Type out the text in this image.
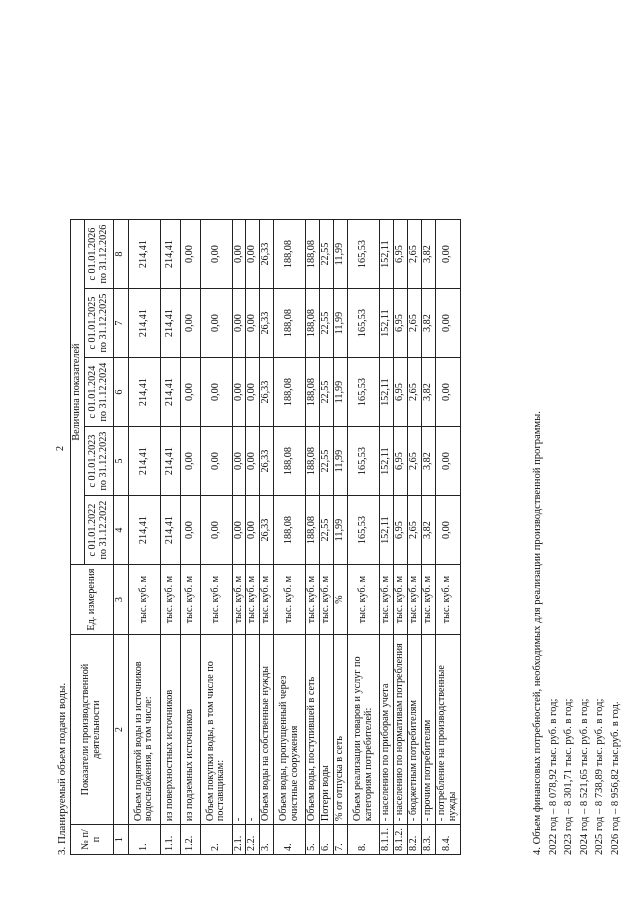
2
3. Планируемый объем подачи воды. № п/п	Показатели производственной деятельности	Ед. измерения	Величина показателей				
			с 01.01.2022 по 31.12.2022	с 01.01.2023 по 31.12.2023	с 01.01.2024 по 31.12.2024	с 01.01.2025 по 31.12.2025	с 01.01.2026 по 31.12.2026
1	2	3	4	5	6	7	8
1.	Объем поднятой воды из источников водоснабжения, в том числе:	тыс. куб. м	214,41	214,41	214,41	214,41	214,41
1.1.	из поверхностных источников	тыс. куб. м	214,41	214,41	214,41	214,41	214,41
1.2.	из подземных источников	тыс. куб. м	0,00	0,00	0,00	0,00	0,00
2.	Объем покупки воды, в том числе по поставщикам:	тыс. куб. м	0,00	0,00	0,00	0,00	0,00
2.1.	-	тыс. куб. м	0,00	0,00	0,00	0,00	0,00
2.2.	-	тыс. куб. м	0,00	0,00	0,00	0,00	0,00
3.	Объем воды на собственные нужды	тыс. куб. м	26,33	26,33	26,33	26,33	26,33
4.	Объем воды, пропущенный через очистные сооружения	тыс. куб. м	188,08	188,08	188,08	188,08	188,08
5.	Объем воды, поступившей в сеть	тыс. куб. м	188,08	188,08	188,08	188,08	188,08
6.	Потери воды	тыс. куб. м	22,55	22,55	22,55	22,55	22,55
7.	% от отпуска в сеть	%	11,99	11,99	11,99	11,99	11,99
8.	Объем реализации товаров и услуг по категориям потребителей:	тыс. куб. м	165,53	165,53	165,53	165,53	165,53
8.1.1.	- населению по приборам учета	тыс. куб. м	152,11	152,11	152,11	152,11	152,11
8.1.2.	- населению по нормативам потребления	тыс. куб. м	6,95	6,95	6,95	6,95	6,95
8.2.	- бюджетным потребителям	тыс. куб. м	2,65	2,65	2,65	2,65	2,65
8.3.	- прочим потребителям	тыс. куб. м	3,82	3,82	3,82	3,82	3,82
8.4.	- потребление на производственные нужды	тыс. куб. м	0,00	0,00	0,00	0,00	0,00
4. Объем финансовых потребностей, необходимых для реализации производственной программы. 2022 год – 8 078,92 тыс. руб. в год; 2023 год – 8 301,71 тыс. руб. в год; 2024 год – 8 521,65 тыс. руб. в год; 2025 год – 8 738,89 тыс. руб. в год; 2026 год – 8 956,82 тыс.руб. в год.
